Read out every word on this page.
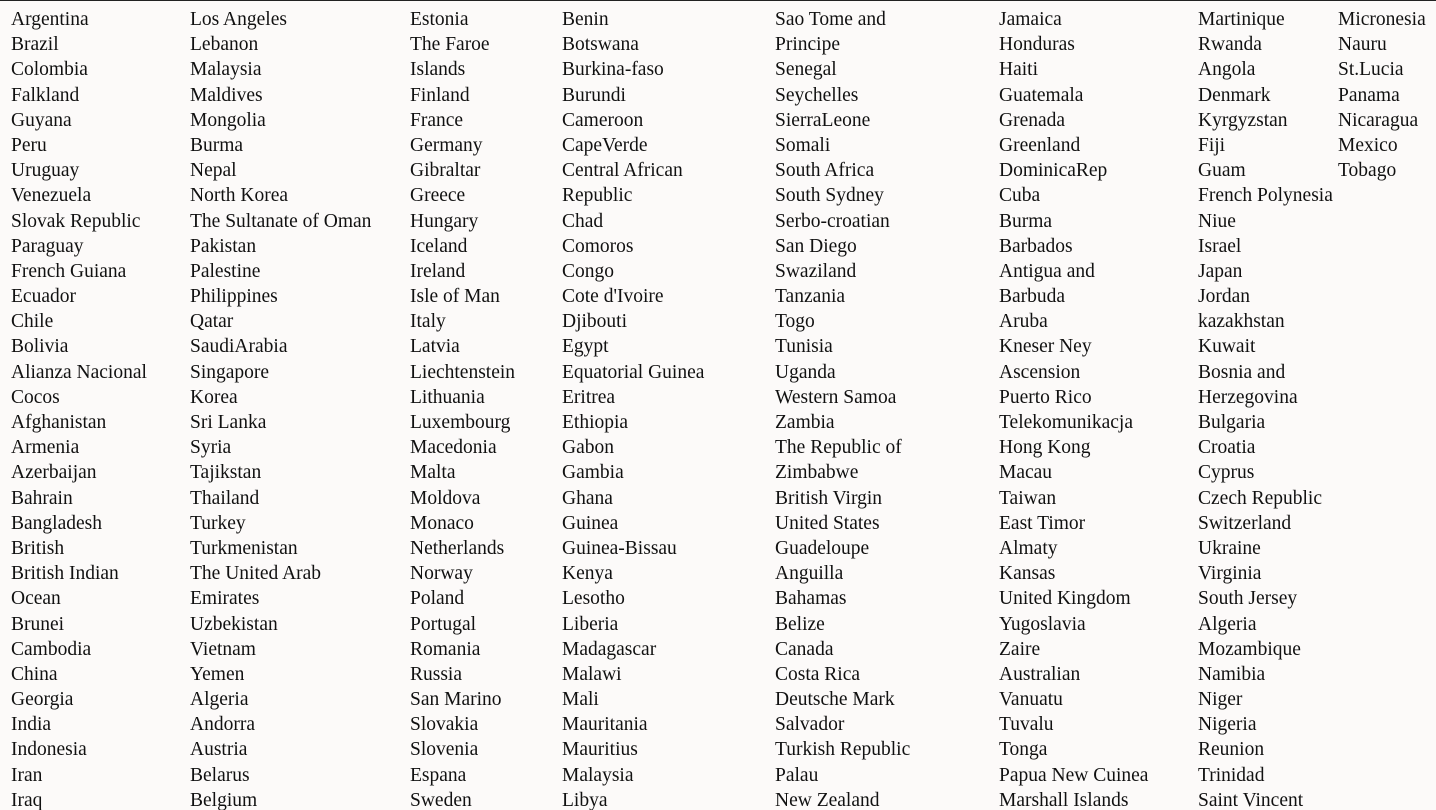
Argentina
Brazil
Colombia
Falkland
Guyana
Peru
Uruguay
Venezuela
Slovak Republic
Paraguay
French Guiana
Ecuador
Chile
Bolivia
Alianza Nacional
Cocos
Afghanistan
Armenia
Azerbaijan
Bahrain
Bangladesh
British
British Indian
Ocean
Brunei
Cambodia
China
Georgia
India
Indonesia
Iran
Iraq
Los Angeles
Lebanon
Malaysia
Maldives
Mongolia
Burma
Nepal
North Korea
The Sultanate of Oman
Pakistan
Palestine
Philippines
Qatar
SaudiArabia
Singapore
Korea
Sri Lanka
Syria
Tajikstan
Thailand
Turkey
Turkmenistan
The United Arab
Emirates
Uzbekistan
Vietnam
Yemen
Algeria
Andorra
Austria
Belarus
Belgium
Estonia
The Faroe
Islands
Finland
France
Germany
Gibraltar
Greece
Hungary
Iceland
Ireland
Isle of Man
Italy
Latvia
Liechtenstein
Lithuania
Luxembourg
Macedonia
Malta
Moldova
Monaco
Netherlands
Norway
Poland
Portugal
Romania
Russia
San Marino
Slovakia
Slovenia
Espana
Sweden
Benin
Botswana
Burkina-faso
Burundi
Cameroon
CapeVerde
Central African
Republic
Chad
Comoros
Congo
Cote d'Ivoire
Djibouti
Egypt
Equatorial Guinea
Eritrea
Ethiopia
Gabon
Gambia
Ghana
Guinea
Guinea-Bissau
Kenya
Lesotho
Liberia
Madagascar
Malawi
Mali
Mauritania
Mauritius
Malaysia
Libya
Sao Tome and
Principe
Senegal
Seychelles
SierraLeone
Somali
South Africa
South Sydney
Serbo-croatian
San Diego
Swaziland
Tanzania
Togo
Tunisia
Uganda
Western Samoa
Zambia
The Republic of
Zimbabwe
British Virgin
United States
Guadeloupe
Anguilla
Bahamas
Belize
Canada
Costa Rica
Deutsche Mark
Salvador
Turkish Republic
Palau
New Zealand
Jamaica
Honduras
Haiti
Guatemala
Grenada
Greenland
DominicaRep
Cuba
Burma
Barbados
Antigua and
Barbuda
Aruba
Kneser Ney
Ascension
Puerto Rico
Telekomunikacja
Hong Kong
Macau
Taiwan
East Timor
Almaty
Kansas
United Kingdom
Yugoslavia
Zaire
Australian
Vanuatu
Tuvalu
Tonga
Papua New Cuinea
Marshall Islands
Martinique
Rwanda
Angola
Denmark
Kyrgyzstan
Fiji
Guam
French Polynesia
Niue
Israel
Japan
Jordan
kazakhstan
Kuwait
Bosnia and
Herzegovina
Bulgaria
Croatia
Cyprus
Czech Republic
Switzerland
Ukraine
Virginia
South Jersey
Algeria
Mozambique
Namibia
Niger
Nigeria
Reunion
Trinidad
Saint Vincent
Micronesia
Nauru
St.Lucia
Panama
Nicaragua
Mexico
Tobago
